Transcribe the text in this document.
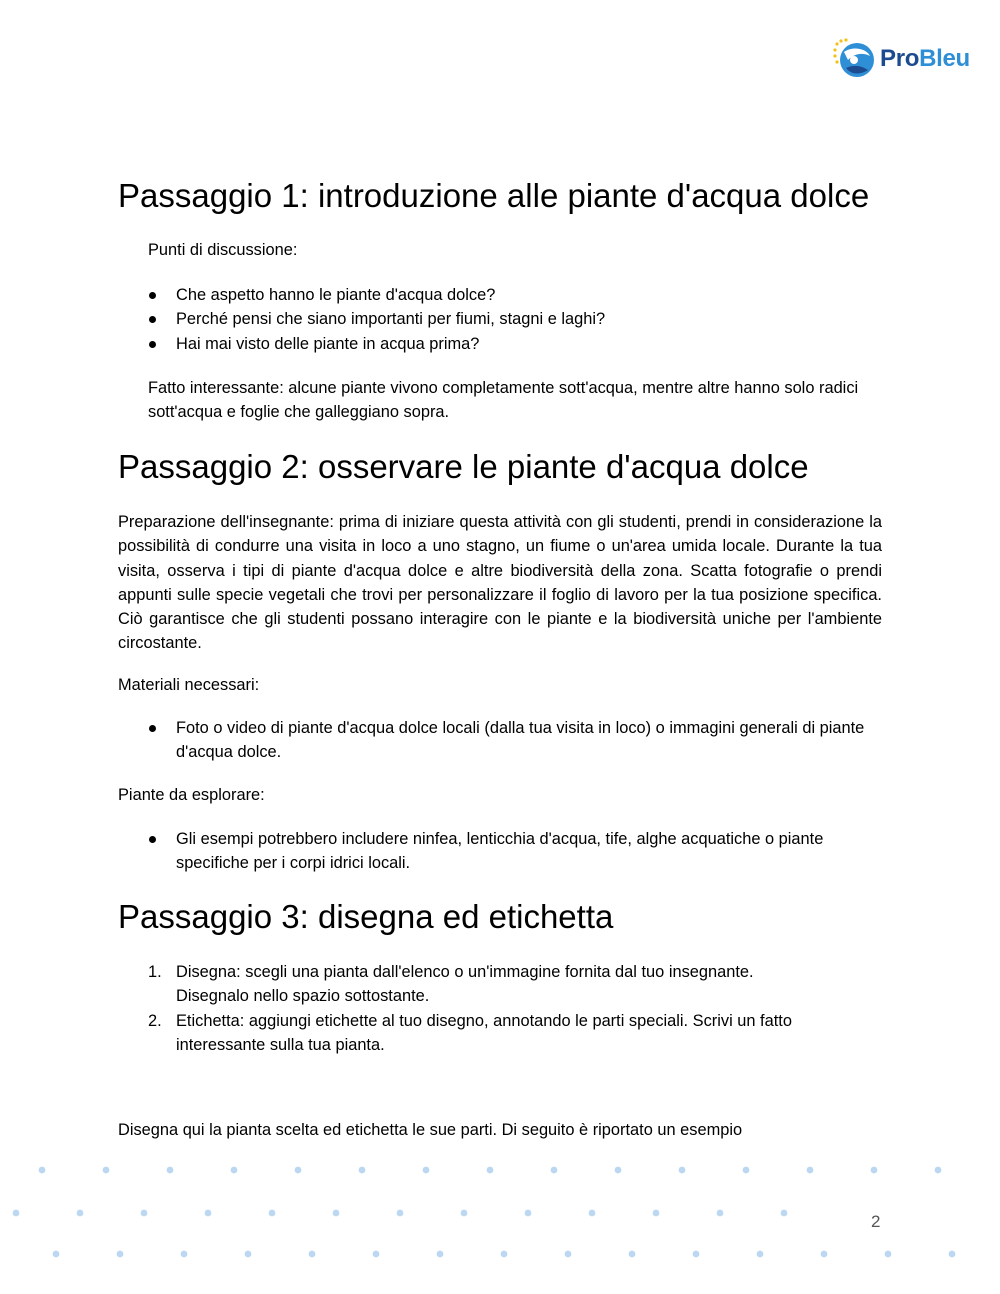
ProBleu
Passaggio 1: introduzione alle piante d'acqua dolce

Punti di discussione:

Che aspetto hanno le piante d'acqua dolce?
Perché pensi che siano importanti per fiumi, stagni e laghi?
Hai mai visto delle piante in acqua prima?

Fatto interessante: alcune piante vivono completamente sott'acqua, mentre altre hanno solo radici sott'acqua e foglie che galleggiano sopra.

Passaggio 2: osservare le piante d'acqua dolce

Preparazione dell'insegnante: prima di iniziare questa attività con gli studenti, prendi in considerazione la possibilità di condurre una visita in loco a uno stagno, un fiume o un'area umida locale. Durante la tua visita, osserva i tipi di piante d'acqua dolce e altre biodiversità della zona. Scatta fotografie o prendi appunti sulle specie vegetali che trovi per personalizzare il foglio di lavoro per la tua posizione specifica. Ciò garantisce che gli studenti possano interagire con le piante e la biodiversità uniche per l'ambiente circostante.

Materiali necessari:

Foto o video di piante d'acqua dolce locali (dalla tua visita in loco) o immagini generali di piante d'acqua dolce.

Piante da esplorare:

Gli esempi potrebbero includere ninfea, lenticchia d'acqua, tife, alghe acquatiche o piante specifiche per i corpi idrici locali.
Passaggio 3: disegna ed etichetta
1. Disegna: scegli una pianta dall'elenco o un'immagine fornita dal tuo insegnante. Disegnalo nello spazio sottostante.
2. Etichetta: aggiungi etichette al tuo disegno, annotando le parti speciali. Scrivi un fatto interessante sulla tua pianta.

Disegna qui la pianta scelta ed etichetta le sue parti. Di seguito è riportato un esempio

2
